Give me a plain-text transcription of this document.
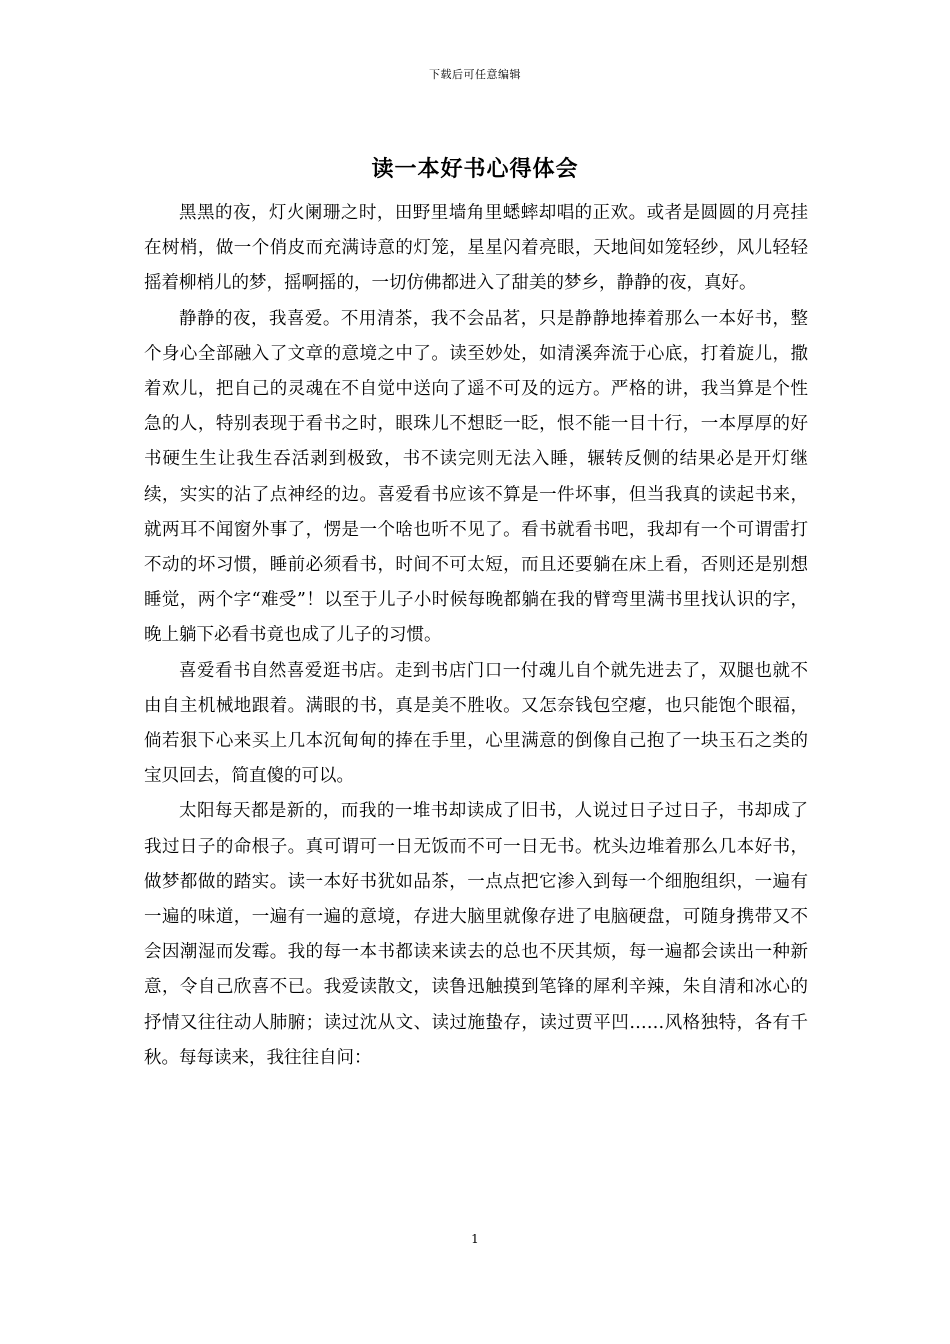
下载后可任意编辑
读一本好书心得体会

黑黑的夜，灯火阑珊之时，田野里墙角里蟋蟀却唱的正欢。或者是圆圆的月亮挂在树梢，做一个俏皮而充满诗意的灯笼，星星闪着亮眼，天地间如笼轻纱，风儿轻轻摇着柳梢儿的梦，摇啊摇的，一切仿佛都进入了甜美的梦乡，静静的夜，真好。

静静的夜，我喜爱。不用清茶，我不会品茗，只是静静地捧着那么一本好书，整个身心全部融入了文章的意境之中了。读至妙处，如清溪奔流于心底，打着旋儿，撒着欢儿，把自己的灵魂在不自觉中送向了遥不可及的远方。严格的讲，我当算是个性急的人，特别表现于看书之时，眼珠儿不想眨一眨，恨不能一目十行，一本厚厚的好书硬生生让我生吞活剥到极致，书不读完则无法入睡，辗转反侧的结果必是开灯继续，实实的沾了点神经的边。喜爱看书应该不算是一件坏事，但当我真的读起书来，就两耳不闻窗外事了，愣是一个啥也听不见了。看书就看书吧，我却有一个可谓雷打不动的坏习惯，睡前必须看书，时间不可太短，而且还要躺在床上看，否则还是别想睡觉，两个字“难受”！以至于儿子小时候每晚都躺在我的臂弯里满书里找认识的字，晚上躺下必看书竟也成了儿子的习惯。

喜爱看书自然喜爱逛书店。走到书店门口一付魂儿自个就先进去了，双腿也就不由自主机械地跟着。满眼的书，真是美不胜收。又怎奈钱包空瘪，也只能饱个眼福，倘若狠下心来买上几本沉甸甸的捧在手里，心里满意的倒像自己抱了一块玉石之类的宝贝回去，简直傻的可以。

太阳每天都是新的，而我的一堆书却读成了旧书，人说过日子过日子，书却成了我过日子的命根子。真可谓可一日无饭而不可一日无书。枕头边堆着那么几本好书，做梦都做的踏实。读一本好书犹如品茶，一点点把它渗入到每一个细胞组织，一遍有一遍的味道，一遍有一遍的意境，存进大脑里就像存进了电脑硬盘，可随身携带又不会因潮湿而发霉。我的每一本书都读来读去的总也不厌其烦，每一遍都会读出一种新意，令自己欣喜不已。我爱读散文，读鲁迅触摸到笔锋的犀利辛辣，朱自清和冰心的抒情又往往动人肺腑；读过沈从文、读过施蛰存，读过贾平凹……风格独特，各有千秋。每每读来，我往往自问：

1
